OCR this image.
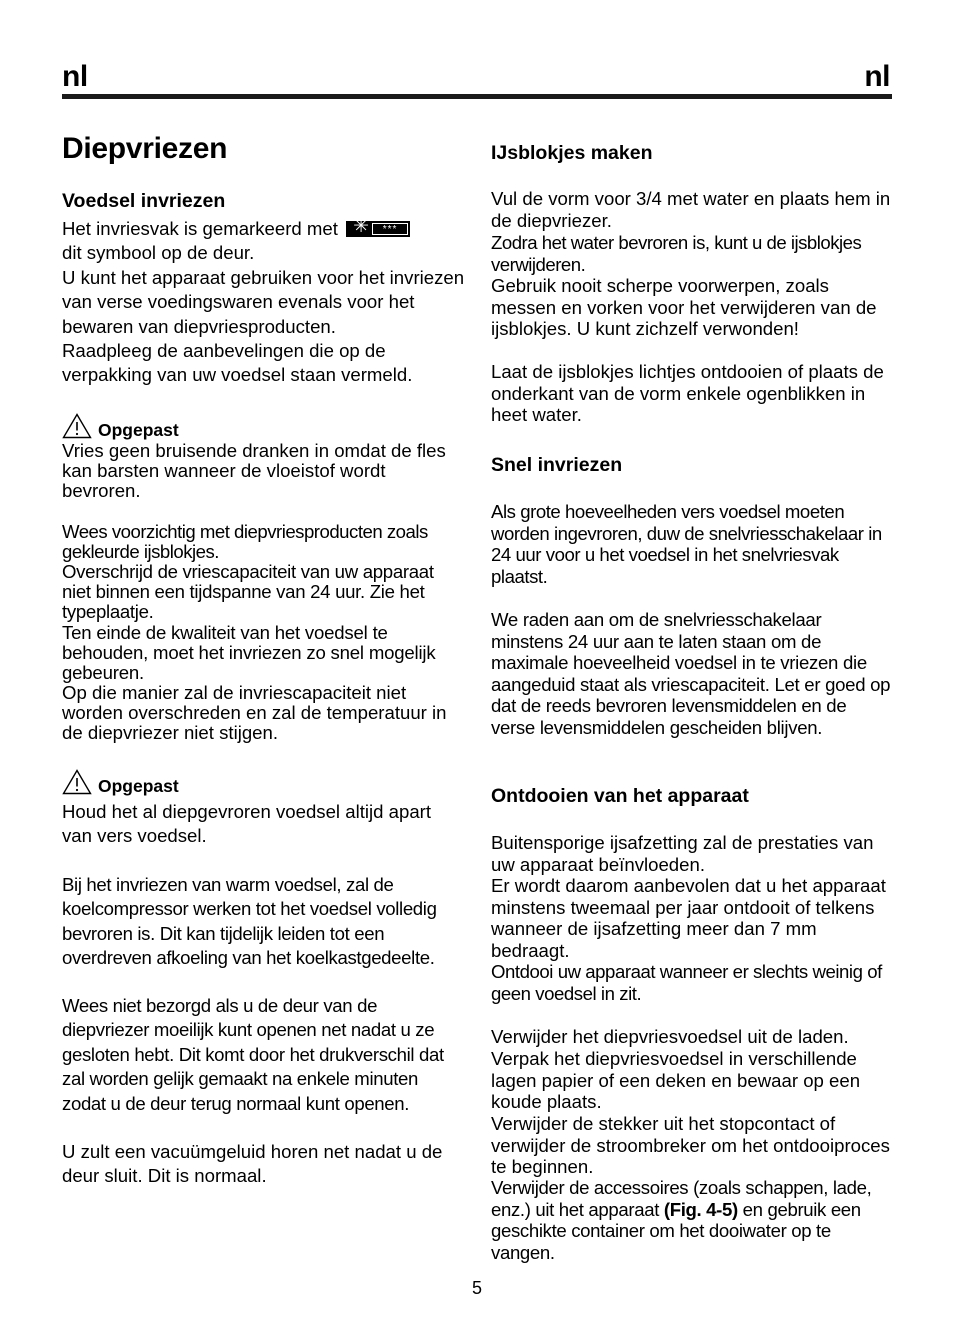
nl	nl
Diepvriezen
Voedsel invriezen

Het invriesvak is gemarkeerd met ✳	***

dit symbool op de deur.

U kunt het apparaat gebruiken voor het invriezen van verse voedingswaren evenals voor het bewaren van diepvriesproducten.

Raadpleeg de aanbevelingen die op de verpakking van uw voedsel staan vermeld.

Opgepast

Vries geen bruisende dranken in omdat de fles kan barsten wanneer de vloeistof wordt bevroren.

Wees voorzichtig met diepvriesproducten zoals gekleurde ijsblokjes.

Overschrijd de vriescapaciteit van uw apparaat niet binnen een tijdspanne van 24 uur. Zie het typeplaatje.

Ten einde de kwaliteit van het voedsel te behouden, moet het invriezen zo snel mogelijk gebeuren.

Op die manier zal de invriescapaciteit niet worden overschreden en zal de temperatuur in de diepvriezer niet stijgen.

Opgepast

Houd het al diepgevroren voedsel altijd apart van vers voedsel.

Bij het invriezen van warm voedsel, zal de koelcompressor werken tot het voedsel volledig bevroren is. Dit kan tijdelijk leiden tot een overdreven afkoeling van het koelkastgedeelte.

Wees niet bezorgd als u de deur van de diepvriezer moeilijk kunt openen net nadat u ze gesloten hebt. Dit komt door het drukverschil dat zal worden gelijk gemaakt na enkele minuten zodat u de deur terug normaal kunt openen.

U zult een vacuümgeluid horen net nadat u de deur sluit. Dit is normaal.

IJsblokjes maken

Vul de vorm voor 3/4 met water en plaats hem in de diepvriezer.

Zodra het water bevroren is, kunt u de ijsblokjes verwijderen.

Gebruik nooit scherpe voorwerpen, zoals messen en vorken voor het verwijderen van de ijsblokjes. U kunt zichzelf verwonden!

Laat de ijsblokjes lichtjes ontdooien of plaats de onderkant van de vorm enkele ogenblikken in heet water.

Snel invriezen

Als grote hoeveelheden vers voedsel moeten worden ingevroren, duw de snelvriesschakelaar in 24 uur voor u het voedsel in het snelvriesvak plaatst.

We raden aan om de snelvriesschakelaar minstens 24 uur aan te laten staan om de maximale hoeveelheid voedsel in te vriezen die aangeduid staat als vriescapaciteit. Let er goed op dat de reeds bevroren levensmiddelen en de verse levensmiddelen gescheiden blijven.

Ontdooien van het apparaat

Buitensporige ijsafzetting zal de prestaties van uw apparaat beïnvloeden.

Er wordt daarom aanbevolen dat u het apparaat minstens tweemaal per jaar ontdooit of telkens wanneer de ijsafzetting meer dan 7 mm bedraagt.

Ontdooi uw apparaat wanneer er slechts weinig of geen voedsel in zit.

Verwijder het diepvriesvoedsel uit de laden.

Verpak het diepvriesvoedsel in verschillende lagen papier of een deken en bewaar op een koude plaats.

Verwijder de stekker uit het stopcontact of verwijder de stroombreker om het ontdooiproces te beginnen.

Verwijder de accessoires (zoals schappen, lade, enz.) uit het apparaat (Fig. 4-5) en gebruik een geschikte container om het dooiwater op te vangen.

5
